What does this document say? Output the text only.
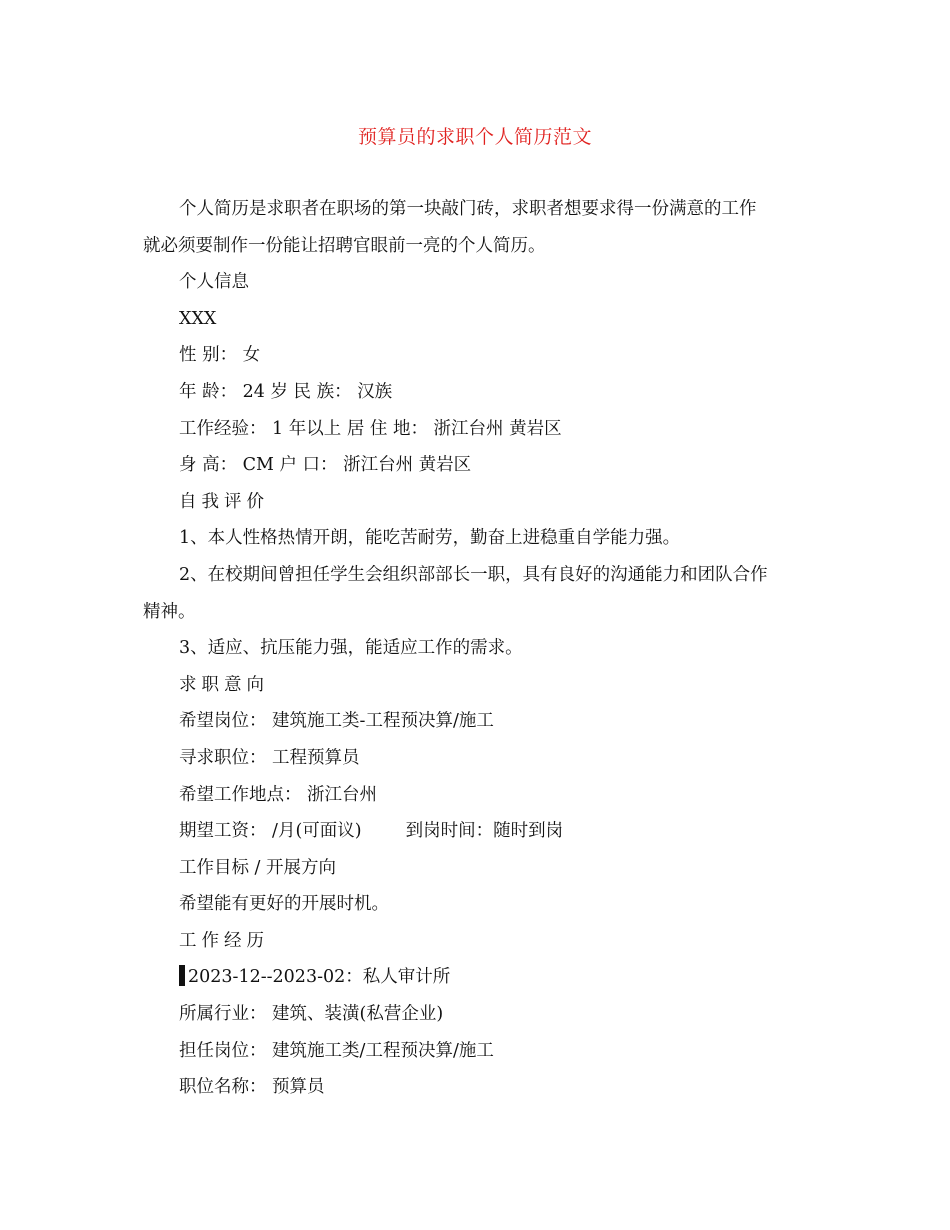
预算员的求职个人简历范文
个人简历是求职者在职场的第一块敲门砖，求职者想要求得一份满意的工作
就必须要制作一份能让招聘官眼前一亮的个人简历。
个人信息
XXX
性 别： 女
年 龄： 24 岁 民 族： 汉族
工作经验： 1 年以上 居 住 地： 浙江台州 黄岩区
身 高： CM 户 口： 浙江台州 黄岩区
自我评价
1、本人性格热情开朗，能吃苦耐劳，勤奋上进稳重自学能力强。
2、在校期间曾担任学生会组织部部长一职，具有良好的沟通能力和团队合作
精神。
3、适应、抗压能力强，能适应工作的需求。
求职意向
希望岗位： 建筑施工类-工程预决算/施工
寻求职位： 工程预算员
希望工作地点： 浙江台州
期望工资： /月(可面议)	到岗时间：随时到岗
工作目标 / 开展方向
希望能有更好的开展时机。
工作经历
2023-12--2023-02：私人审计所
所属行业： 建筑、装潢(私营企业)
担任岗位： 建筑施工类/工程预决算/施工
职位名称： 预算员
